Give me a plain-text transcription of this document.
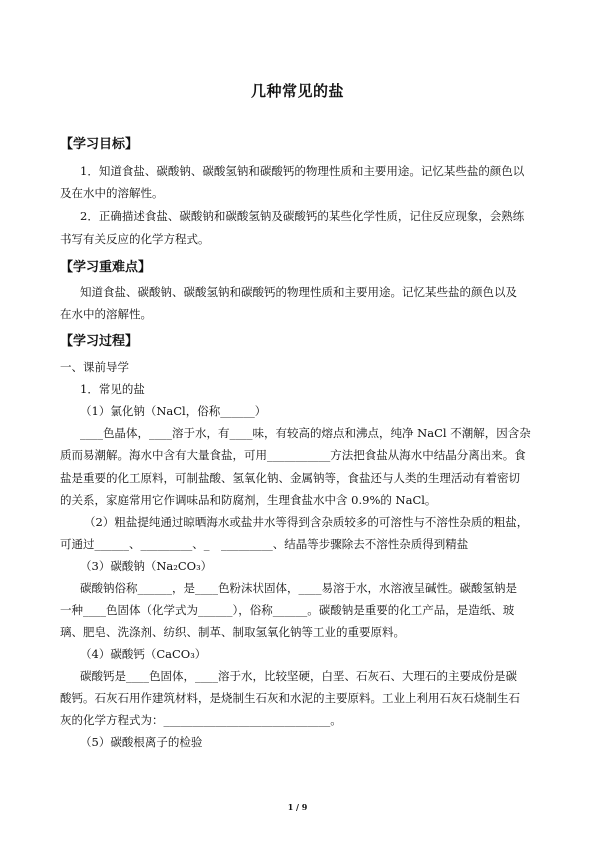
几种常见的盐
【学习目标】
1．知道食盐、碳酸钠、碳酸氢钠和碳酸钙的物理性质和主要用途。记忆某些盐的颜色以
及在水中的溶解性。
2．正确描述食盐、碳酸钠和碳酸氢钠及碳酸钙的某些化学性质，记住反应现象，会熟练
书写有关反应的化学方程式。
【学习重难点】
知道食盐、碳酸钠、碳酸氢钠和碳酸钙的物理性质和主要用途。记忆某些盐的颜色以及
在水中的溶解性。
【学习过程】
一、课前导学
1．常见的盐
（1）氯化钠（NaCl，俗称______）
____色晶体，____溶于水，有____味，有较高的熔点和沸点，纯净 NaCl 不潮解，因含杂
质而易潮解。海水中含有大量食盐，可用___________方法把食盐从海水中结晶分离出来。食
盐是重要的化工原料，可制盐酸、氢氧化钠、金属钠等，食盐还与人类的生理活动有着密切
的关系，家庭常用它作调味品和防腐剂，生理食盐水中含 0.9%的 NaCl。
（2）粗盐提纯通过晾晒海水或盐井水等得到含杂质较多的可溶性与不溶性杂质的粗盐，
可通过______、_________、_　_________、结晶等步骤除去不溶性杂质得到精盐
（3）碳酸钠（Na₂CO₃）
碳酸钠俗称______，是____色粉沫状固体，____易溶于水，水溶液呈碱性。碳酸氢钠是
一种____色固体（化学式为______），俗称______。碳酸钠是重要的化工产品，是造纸、玻
璃、肥皂、洗涤剂、纺织、制革、制取氢氧化钠等工业的重要原料。
（4）碳酸钙（CaCO₃）
碳酸钙是____色固体，____溶于水，比较坚硬，白垩、石灰石、大理石的主要成份是碳
酸钙。石灰石用作建筑材料，是烧制生石灰和水泥的主要原料。工业上利用石灰石烧制生石
灰的化学方程式为：_____________________________。
（5）碳酸根离子的检验
1 / 9
